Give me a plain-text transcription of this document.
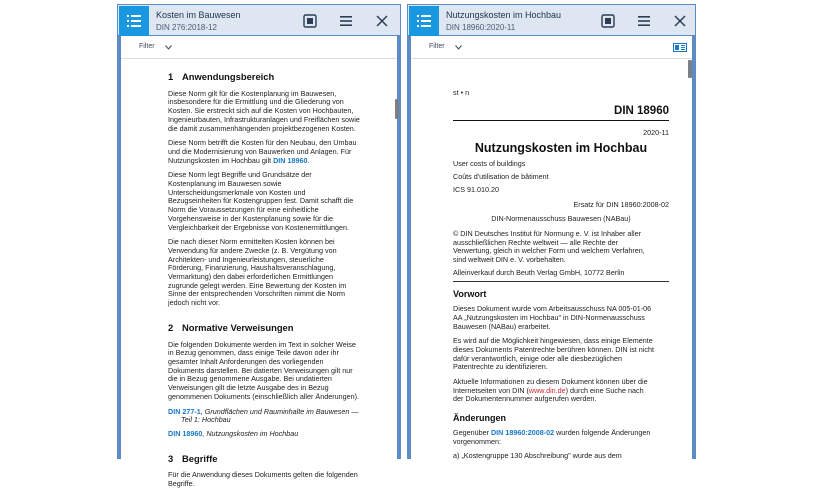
Kosten im Bauwesen
DIN 276:2018-12
Filter
1 Anwendungsbereich

Diese Norm gilt für die Kostenplanung im Bauwesen,
insbesondere für die Ermittlung und die Gliederung von
Kosten. Sie erstreckt sich auf die Kosten von Hochbauten,
Ingenieurbauten, Infrastrukturanlagen und Freiflächen sowie
die damit zusammenhängenden projektbezogenen Kosten.

Diese Norm betrifft die Kosten für den Neubau, den Umbau
und die Modernisierung von Bauwerken und Anlagen. Für
Nutzungskosten im Hochbau gilt DIN 18960.

Diese Norm legt Begriffe und Grundsätze der
Kostenplanung im Bauwesen sowie
Unterscheidungsmerkmale von Kosten und
Bezugseinheiten für Kostengruppen fest. Damit schafft die
Norm die Voraussetzungen für eine einheitliche
Vorgehensweise in der Kostenplanung sowie für die
Vergleichbarkeit der Ergebnisse von Kostenermittlungen.

Die nach dieser Norm ermittelten Kosten können bei
Verwendung für andere Zwecke (z. B. Vergütung von
Architekten- und Ingenieurleistungen, steuerliche
Förderung, Finanzierung, Haushaltsveranschlagung,
Vermarktung) den dabei erforderlichen Ermittlungen
zugrunde gelegt werden. Eine Bewertung der Kosten im
Sinne der entsprechenden Vorschriften nimmt die Norm
jedoch nicht vor.

2 Normative Verweisungen

Die folgenden Dokumente werden im Text in solcher Weise
in Bezug genommen, dass einige Teile davon oder ihr
gesamter Inhalt Anforderungen des vorliegenden
Dokuments darstellen. Bei datierten Verweisungen gilt nur
die in Bezug genommene Ausgabe. Bei undatierten
Verweisungen gilt die letzte Ausgabe des in Bezug
genommenen Dokuments (einschließlich aller Änderungen).

DIN 277-1, Grundflächen und Rauminhalte im Bauwesen —
Teil 1: Hochbau
DIN 18960, Nutzungskosten im Hochbau
3 Begriffe

Für die Anwendung dieses Dokuments gelten die folgenden
Begriffe.

Nutzungskosten im Hochbau
DIN 18960:2020-11
Filter
st • n
DIN 18960
2020-11
Nutzungskosten im Hochbau
User costs of buildings
Coûts d'utilisation de bâtiment
ICS 91.010.20
Ersatz für DIN 18960:2008-02
DIN-Normenausschuss Bauwesen (NABau)

© DIN Deutsches Institut für Normung e. V. ist Inhaber aller
ausschließlichen Rechte weltweit — alle Rechte der
Verwertung, gleich in welcher Form und welchem Verfahren,
sind weltweit DIN e. V. vorbehalten.

Alleinverkauf durch Beuth Verlag GmbH, 10772 Berlin
Vorwort

Dieses Dokument wurde vom Arbeitsausschuss NA 005-01-06
AA „Nutzungskosten im Hochbau" in DIN-Normenausschuss
Bauwesen (NABau) erarbeitet.

Es wird auf die Möglichkeit hingewiesen, dass einige Elemente
dieses Dokuments Patentrechte berühren können. DIN ist nicht
dafür verantwortlich, einige oder alle diesbezüglichen
Patentrechte zu identifizieren.

Aktuelle Informationen zu diesem Dokument können über die
Internetseiten von DIN (www.din.de) durch eine Suche nach
der Dokumentennummer aufgerufen werden.

Änderungen

Gegenüber DIN 18960:2008-02 wurden folgende Änderungen
vorgenommen:

a) „Kostengruppe 130 Abschreibung" wurde aus dem
